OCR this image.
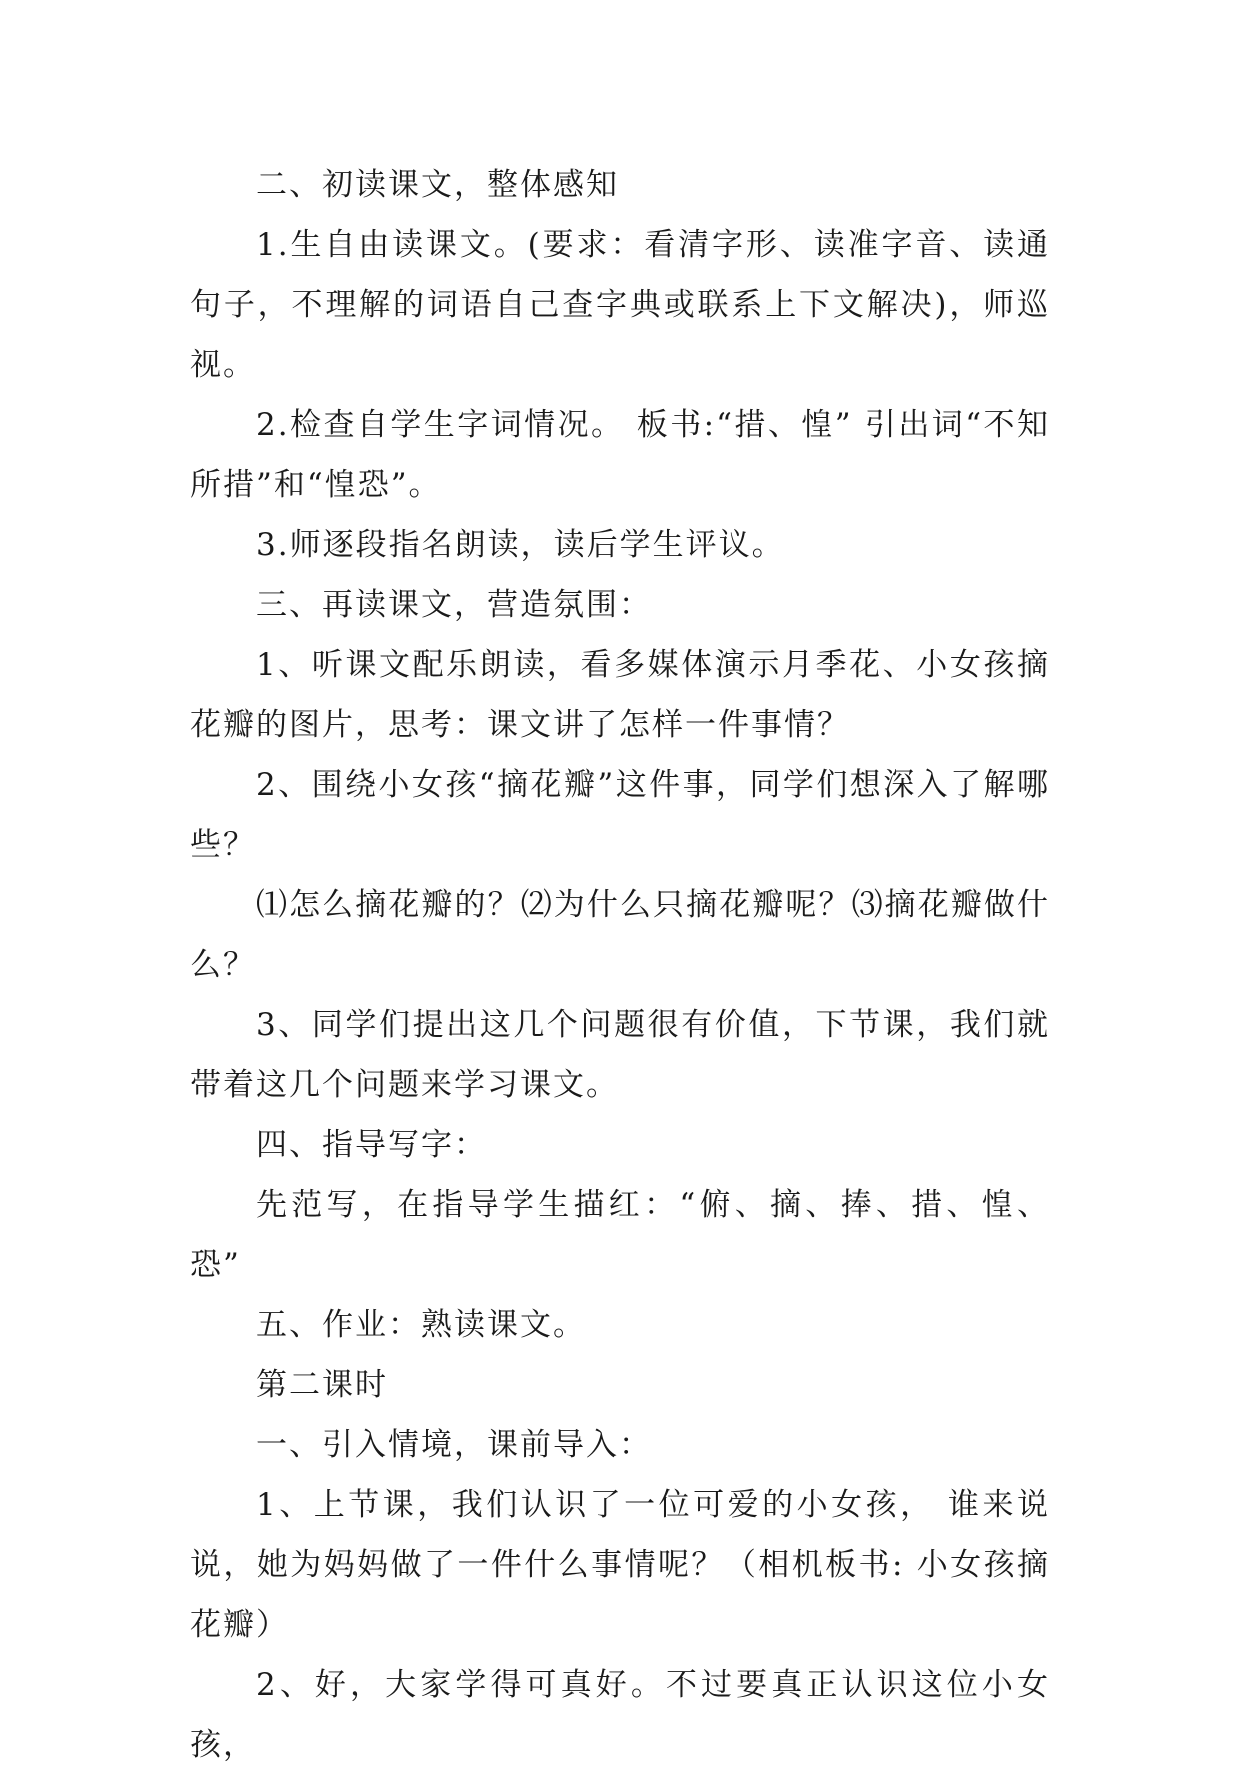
二、初读课文，整体感知

1.生自由读课文。(要求：看清字形、读准字音、读通句子，不理解的词语自己查字典或联系上下文解决)，师巡视。

2.检查自学生字词情况。 板书:“措、惶” 引出词“不知所措”和“惶恐”。

3.师逐段指名朗读，读后学生评议。

三、再读课文，营造氛围：

1、听课文配乐朗读，看多媒体演示月季花、小女孩摘花瓣的图片，思考：课文讲了怎样一件事情？

2、围绕小女孩“摘花瓣”这件事，同学们想深入了解哪些？

⑴怎么摘花瓣的？⑵为什么只摘花瓣呢？⑶摘花瓣做什么？

3、同学们提出这几个问题很有价值，下节课，我们就带着这几个问题来学习课文。

四、指导写字：

先范写，在指导学生描红：“俯、摘、捧、措、惶、恐”

五、作业：熟读课文。

第二课时

一、引入情境，课前导入：

1、上节课，我们认识了一位可爱的小女孩， 谁来说说，她为妈妈做了一件什么事情呢？（相机板书: 小女孩摘花瓣）

2、好，大家学得可真好。不过要真正认识这位小女孩，
